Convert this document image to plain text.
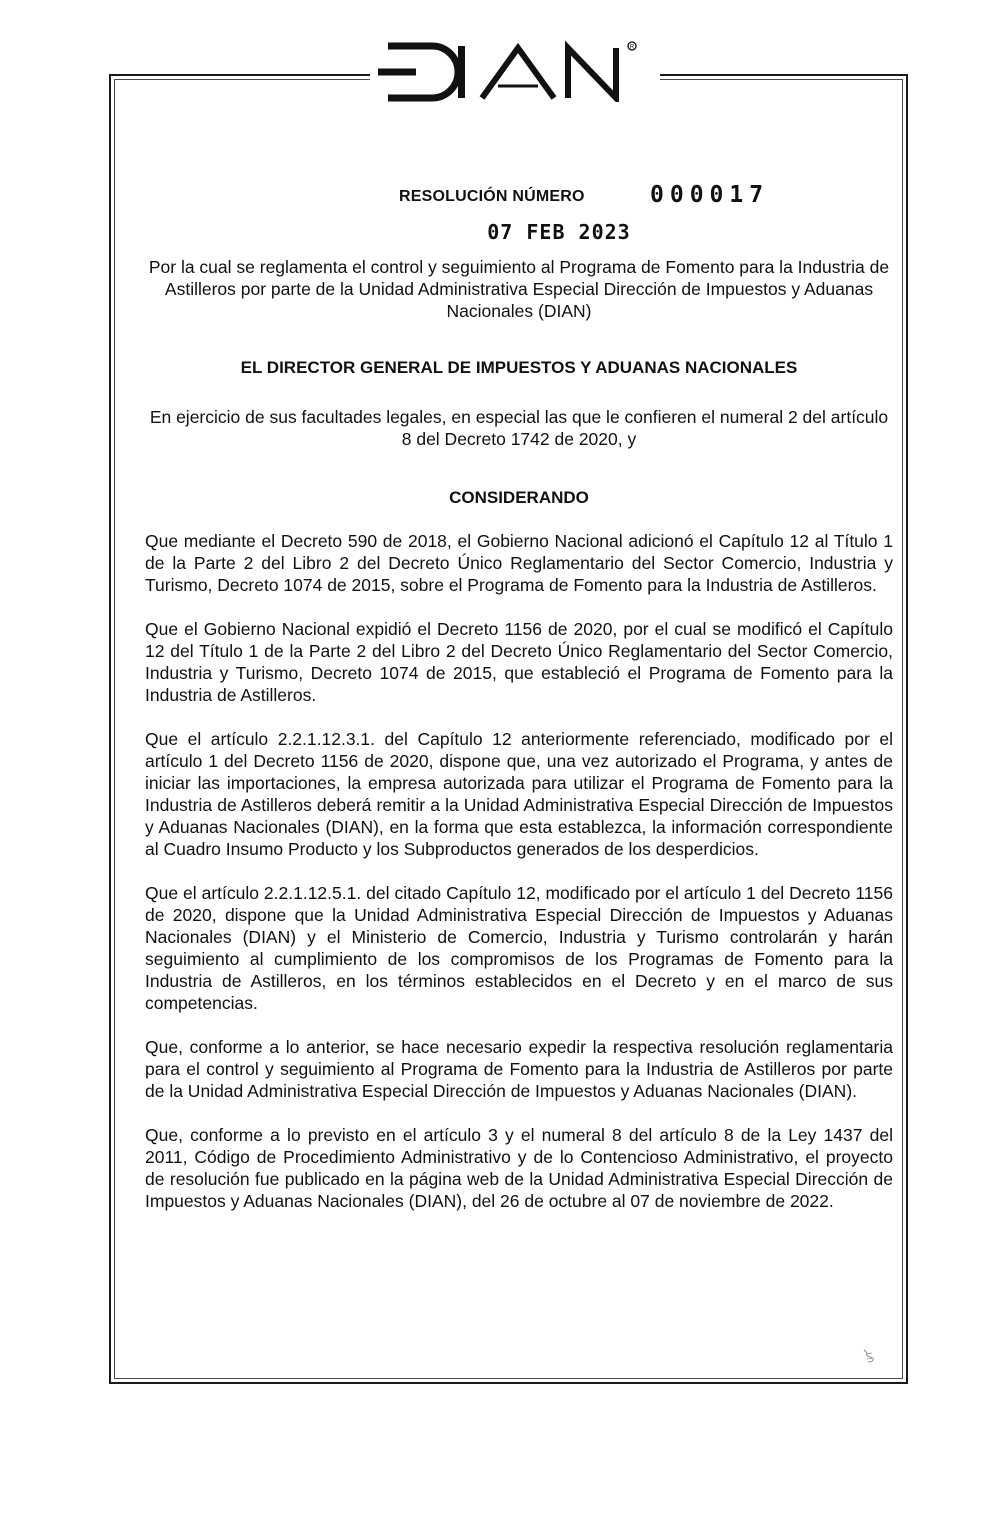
R
RESOLUCIÓN NÚMERO	000017
07 FEB 2023
Por la cual se reglamenta el control y seguimiento al Programa de Fomento para la Industria de Astilleros por parte de la Unidad Administrativa Especial Dirección de Impuestos y Aduanas Nacionales (DIAN)
EL DIRECTOR GENERAL DE IMPUESTOS Y ADUANAS NACIONALES
En ejercicio de sus facultades legales, en especial las que le confieren el numeral 2 del artículo 8 del Decreto 1742 de 2020, y
CONSIDERANDO

Que mediante el Decreto 590 de 2018, el Gobierno Nacional adicionó el Capítulo 12 al Título 1 de la Parte 2 del Libro 2 del Decreto Único Reglamentario del Sector Comercio, Industria y Turismo, Decreto 1074 de 2015, sobre el Programa de Fomento para la Industria de Astilleros.

Que el Gobierno Nacional expidió el Decreto 1156 de 2020, por el cual se modificó el Capítulo 12 del Título 1 de la Parte 2 del Libro 2 del Decreto Único Reglamentario del Sector Comercio, Industria y Turismo, Decreto 1074 de 2015, que estableció el Programa de Fomento para la Industria de Astilleros.

Que el artículo 2.2.1.12.3.1. del Capítulo 12 anteriormente referenciado, modificado por el artículo 1 del Decreto 1156 de 2020, dispone que, una vez autorizado el Programa, y antes de iniciar las importaciones, la empresa autorizada para utilizar el Programa de Fomento para la Industria de Astilleros deberá remitir a la Unidad Administrativa Especial Dirección de Impuestos y Aduanas Nacionales (DIAN), en la forma que esta establezca, la información correspondiente al Cuadro Insumo Producto y los Subproductos generados de los desperdicios.

Que el artículo 2.2.1.12.5.1. del citado Capítulo 12, modificado por el artículo 1 del Decreto 1156 de 2020, dispone que la Unidad Administrativa Especial Dirección de Impuestos y Aduanas Nacionales (DIAN) y el Ministerio de Comercio, Industria y Turismo controlarán y harán seguimiento al cumplimiento de los compromisos de los Programas de Fomento para la Industria de Astilleros, en los términos establecidos en el Decreto y en el marco de sus competencias.

Que, conforme a lo anterior, se hace necesario expedir la respectiva resolución reglamentaria para el control y seguimiento al Programa de Fomento para la Industria de Astilleros por parte de la Unidad Administrativa Especial Dirección de Impuestos y Aduanas Nacionales (DIAN).

Que, conforme a lo previsto en el artículo 3 y el numeral 8 del artículo 8 de la Ley 1437 del 2011, Código de Procedimiento Administrativo y de lo Contencioso Administrativo, el proyecto de resolución fue publicado en la página web de la Unidad Administrativa Especial Dirección de Impuestos y Aduanas Nacionales (DIAN), del 26 de octubre al 07 de noviembre de 2022.
